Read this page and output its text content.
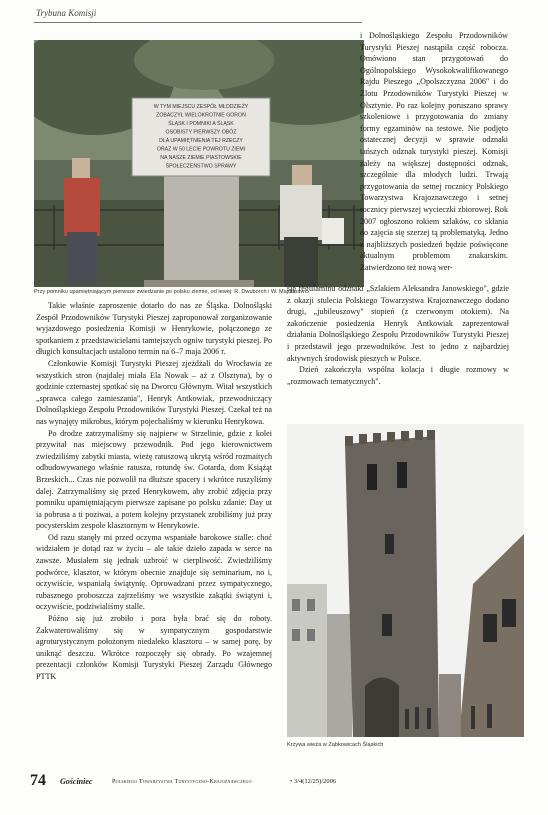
Trybuna Komisji
W TYM MIEJSCU ZESPÓŁ MŁODZIEŻY
ZOBACZYŁ WIELOKROTNIE GOROŃ
ŚLĄSK I POMNIKI A ŚLĄSK
OSOBISTY PIERWSZY OBÓZ
DLA UPAMIĘTNIENIA TEJ RZECZY
ORAZ W 50 LECIE POWROTU ZIEMI
NA NASZE ZIEMIE PIASTOWSKIE
SPOŁECZEŃSTWO SPRAWY
Przy pomniku upamiętniającym pierwsze zwiedzanie po polsku ziemie, od lewej: R. Dwuborch i W. Majdanaw

i Dolnośląskiego Zespołu Przodowników Turystyki Pieszej nastąpiła część robocza. Omówiono stan przygotowań do Ogólnopolskiego Wysokokwalifikowanego Rajdu Pieszego „Opolszczyzna 2006" i do Zlotu Przodowników Turystyki Pieszej w Olsztynie. Po raz kolejny poruszano sprawy szkoleniowe i przygotowania do zmiany formy egzaminów na testowe. Nie podjęto ostatecznej decyzji w sprawie odznaki tańszych odznak turystyki pieszej. Komisji zależy na większej dostępności odznak, szczególnie dla młodych ludzi. Trwają przygotowania do setnej rocznicy Polskiego Towarzystwa Krajoznawczego i setnej rocznicy pierwszej wycieczki zbiorowej. Rok 2007 ogłoszono rokiem szlaków, co skłania do zajęcia się szerzej tą problematyką. Jedno z najbliższych posiedzeń będzie poświęcone aktualnym problemom znakarskim. Zatwierdzono też nową wer-

sję regulaminu odznaki „Szlakiem Aleksandra Janowskiego", gdzie z okazji stulecia Polskiego Towarzystwa Krajoznawczego dodano drugi, „jubileuszowy" stopień (z czerwonym otokiem). Na zakończenie posiedzenia Henryk Antkowiak zaprezentował działania Dolnośląskiego Zespołu Przodowników Turystyki Pieszej i przedstawił jego przewodników. Jest to jedno z najbardziej aktywnych środowisk pieszych w Polsce.

Dzień zakończyła wspólna kolacja i długie rozmowy w „rozmowach tematycznych".

Takie właśnie zaproszenie dotarło do nas ze Śląska. Dolnośląski Zespół Przodowników Turystyki Pieszej zaproponował zorganizowanie wyjazdowego posiedzenia Komisji w Henrykowie, połączonego ze spotkaniem z przedstawicielami tamtejszych ogniw turystyki pieszej. Po długich konsultacjach ustalono termin na 6–7 maja 2006 r.

Członkowie Komisji Turystyki Pieszej zjeżdżali do Wrocławia ze wszystkich stron (najdalej miała Ela Nowak – aż z Olsztyna), by o godzinie czternastej spotkać się na Dworcu Głównym. Witał wszystkich „sprawca całego zamieszania", Henryk Antkowiak, przewodniczący Dolnośląskiego Zespołu Przodowników Turystyki Pieszej. Czekał też na nas wynajęty mikrobus, którym pojechaliśmy w kierunku Henrykowa.

Po drodze zatrzymaliśmy się najpierw w Strzelinie, gdzie z kolei przywitał nas miejscowy przewodnik. Pod jego kierownictwem zwiedziliśmy zabytki miasta, wieżę ratuszową ukrytą wśród rozmaitych odbudowywanego właśnie ratusza, rotundę św. Gotarda, dom Książąt Brzeskich... Czas nie pozwolił na dłuższe spacery i wkrótce ruszyliśmy dalej. Zatrzymaliśmy się przed Henrykowem, aby zrobić zdjęcia przy pomniku upamiętniającym pierwsze zapisane po polsku zdanie: Day ut ia pobrusa a ti poziwai, a potem kolejny przystanek zrobiliśmy już przy pocysterskim zespole klasztornym w Henrykowie.

Od razu stanęły mi przed oczyma wspaniałe barokowe stalle: choć widziałem je dotąd raz w życiu – ale takie dzieło zapada w serce na zawsze. Musiałem się jednak uzbroić w cierpliwość. Zwiedziliśmy podwórce, klasztor, w którym obecnie znajduje się seminarium, no i, oczywiście, wspaniałą świątynię. Oprowadzani przez sympatycznego, rubasznego proboszcza zajrzeliśmy we wszystkie zakątki świątyni i, oczywiście, podziwialiśmy stalle.

Późno się już zrobiło i pora była brać się do roboty. Zakwaterowaliśmy się w sympatycznym gospodarstwie agroturystycznym położonym niedaleko klasztoru – w samej porę, by uniknąć deszczu. Wkrótce rozpoczęły się obrady. Po wzajemnej prezentacji członków Komisji Turystyki Pieszej Zarządu Głównego PTTK

Krzywa wieża w Ząbkowicach Śląskich
74 Gościniec	Polskiego Towarzystwa Turystyczno-Krajoznawczego	• 3/4(12/25)/2006
